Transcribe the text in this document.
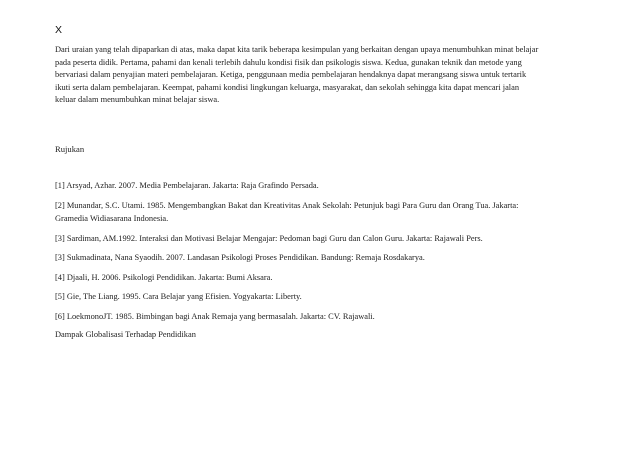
X

Dari uraian yang telah dipaparkan di atas, maka dapat kita tarik beberapa kesimpulan yang berkaitan dengan upaya menumbuhkan minat belajar
pada peserta didik. Pertama, pahami dan kenali terlebih dahulu kondisi fisik dan psikologis siswa. Kedua, gunakan teknik dan metode yang
bervariasi dalam penyajian materi pembelajaran. Ketiga, penggunaan media pembelajaran hendaknya dapat merangsang siswa untuk tertarik
ikuti serta dalam pembelajaran. Keempat, pahami kondisi lingkungan keluarga, masyarakat, dan sekolah sehingga kita dapat mencari jalan
keluar dalam menumbuhkan minat belajar siswa.

Rujukan

[1] Arsyad, Azhar. 2007. Media Pembelajaran. Jakarta: Raja Grafindo Persada.

[2] Munandar, S.C. Utami. 1985. Mengembangkan Bakat dan Kreativitas Anak Sekolah: Petunjuk bagi Para Guru dan Orang Tua. Jakarta:
Gramedia Widiasarana Indonesia.

[3] Sardiman, AM.1992. Interaksi dan Motivasi Belajar Mengajar: Pedoman bagi Guru dan Calon Guru. Jakarta: Rajawali Pers.

[3] Sukmadinata, Nana Syaodih. 2007. Landasan Psikologi Proses Pendidikan. Bandung: Remaja Rosdakarya.

[4] Djaali, H. 2006. Psikologi Pendidikan. Jakarta: Bumi Aksara.

[5] Gie, The Liang. 1995. Cara Belajar yang Efisien. Yogyakarta: Liberty.

[6] LoekmonoJT. 1985. Bimbingan bagi Anak Remaja yang bermasalah. Jakarta: CV. Rajawali.

Dampak Globalisasi Terhadap Pendidikan
